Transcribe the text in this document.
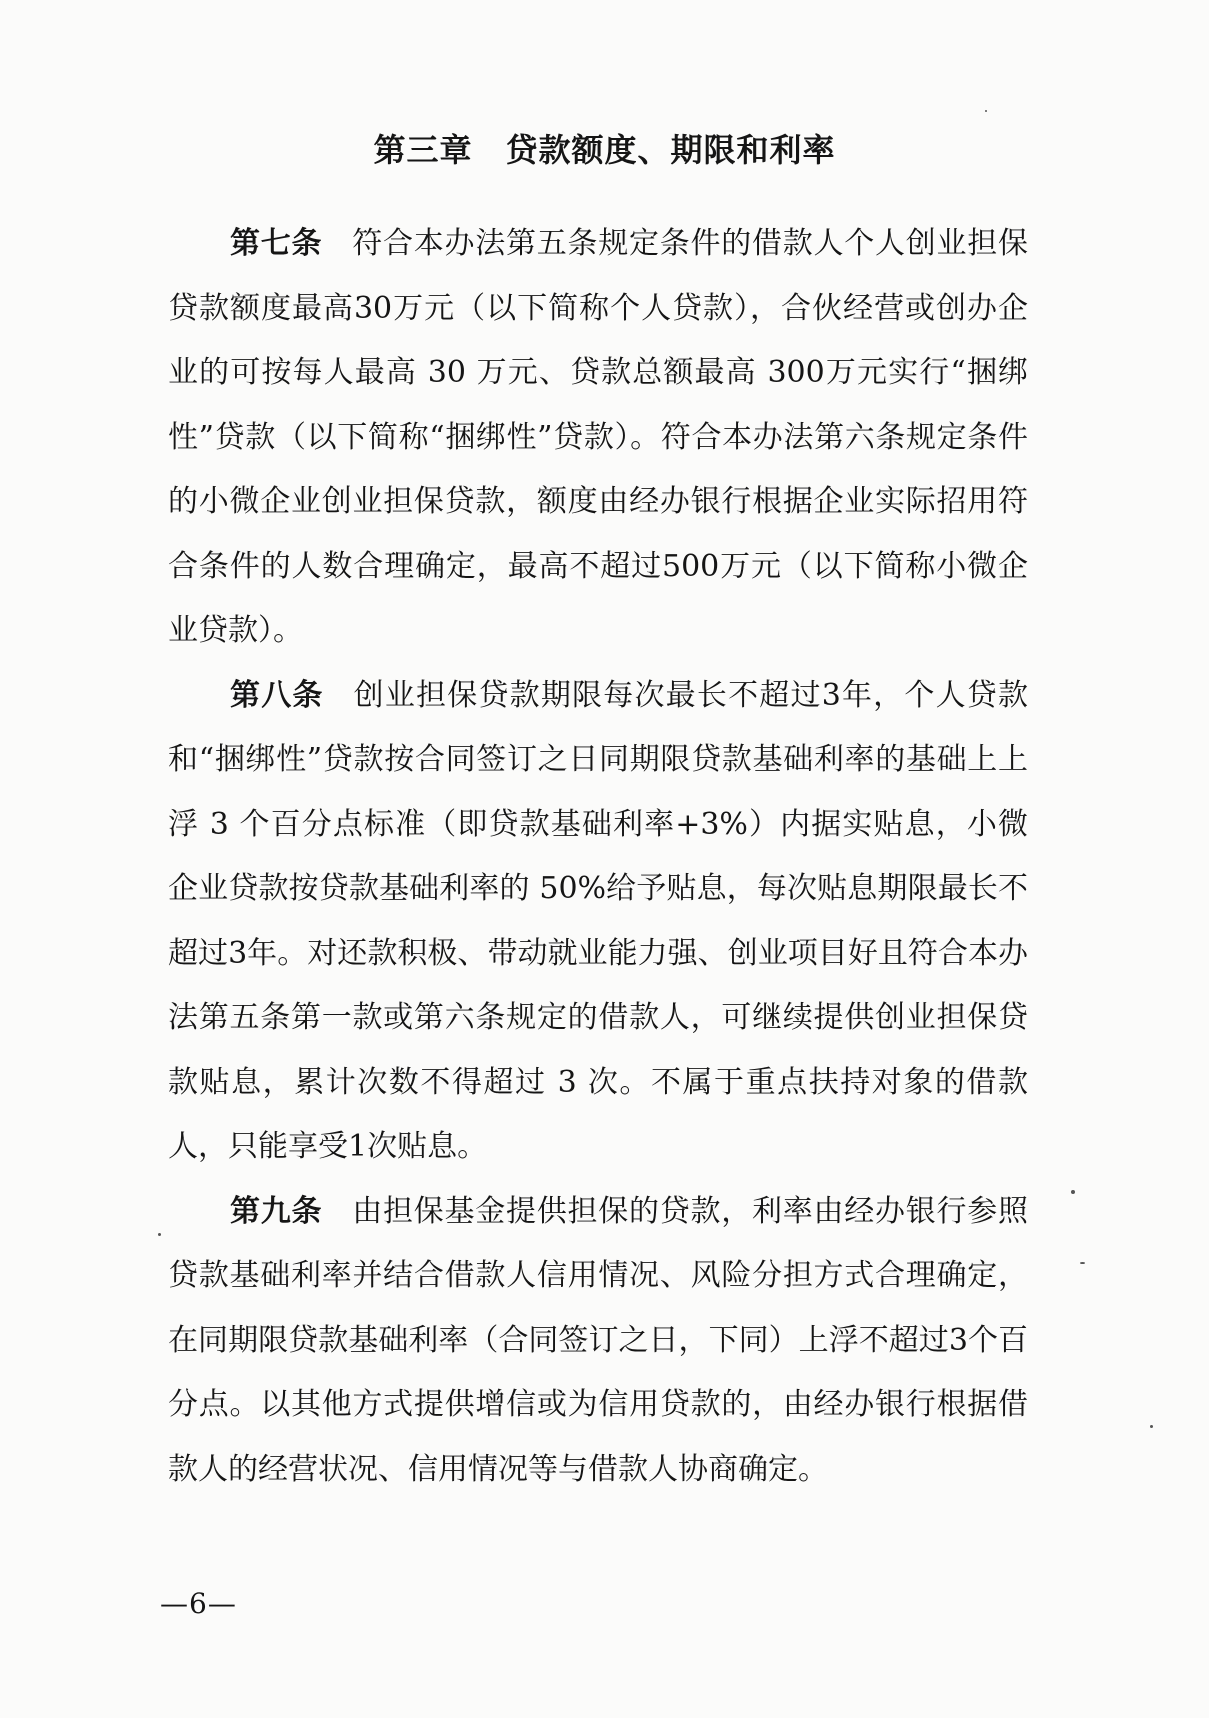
第三章　贷款额度、期限和利率

第七条 符合本办法第五条规定条件的借款人个人创业担保贷款额度最高30万元（以下简称个人贷款），合伙经营或创办企业的可按每人最高 30 万元、贷款总额最高 300万元实行“捆绑性”贷款（以下简称“捆绑性”贷款）。符合本办法第六条规定条件的小微企业创业担保贷款，额度由经办银行根据企业实际招用符合条件的人数合理确定，最高不超过500万元（以下简称小微企业贷款）。

第八条 创业担保贷款期限每次最长不超过3年，个人贷款和“捆绑性”贷款按合同签订之日同期限贷款基础利率的基础上上浮 3 个百分点标准（即贷款基础利率+3%）内据实贴息，小微企业贷款按贷款基础利率的 50%给予贴息，每次贴息期限最长不超过3年。对还款积极、带动就业能力强、创业项目好且符合本办法第五条第一款或第六条规定的借款人，可继续提供创业担保贷款贴息，累计次数不得超过 3 次。不属于重点扶持对象的借款人，只能享受1次贴息。

第九条 由担保基金提供担保的贷款，利率由经办银行参照贷款基础利率并结合借款人信用情况、风险分担方式合理确定，在同期限贷款基础利率（合同签订之日，下同）上浮不超过3个百分点。以其他方式提供增信或为信用贷款的，由经办银行根据借款人的经营状况、信用情况等与借款人协商确定。

—6—
